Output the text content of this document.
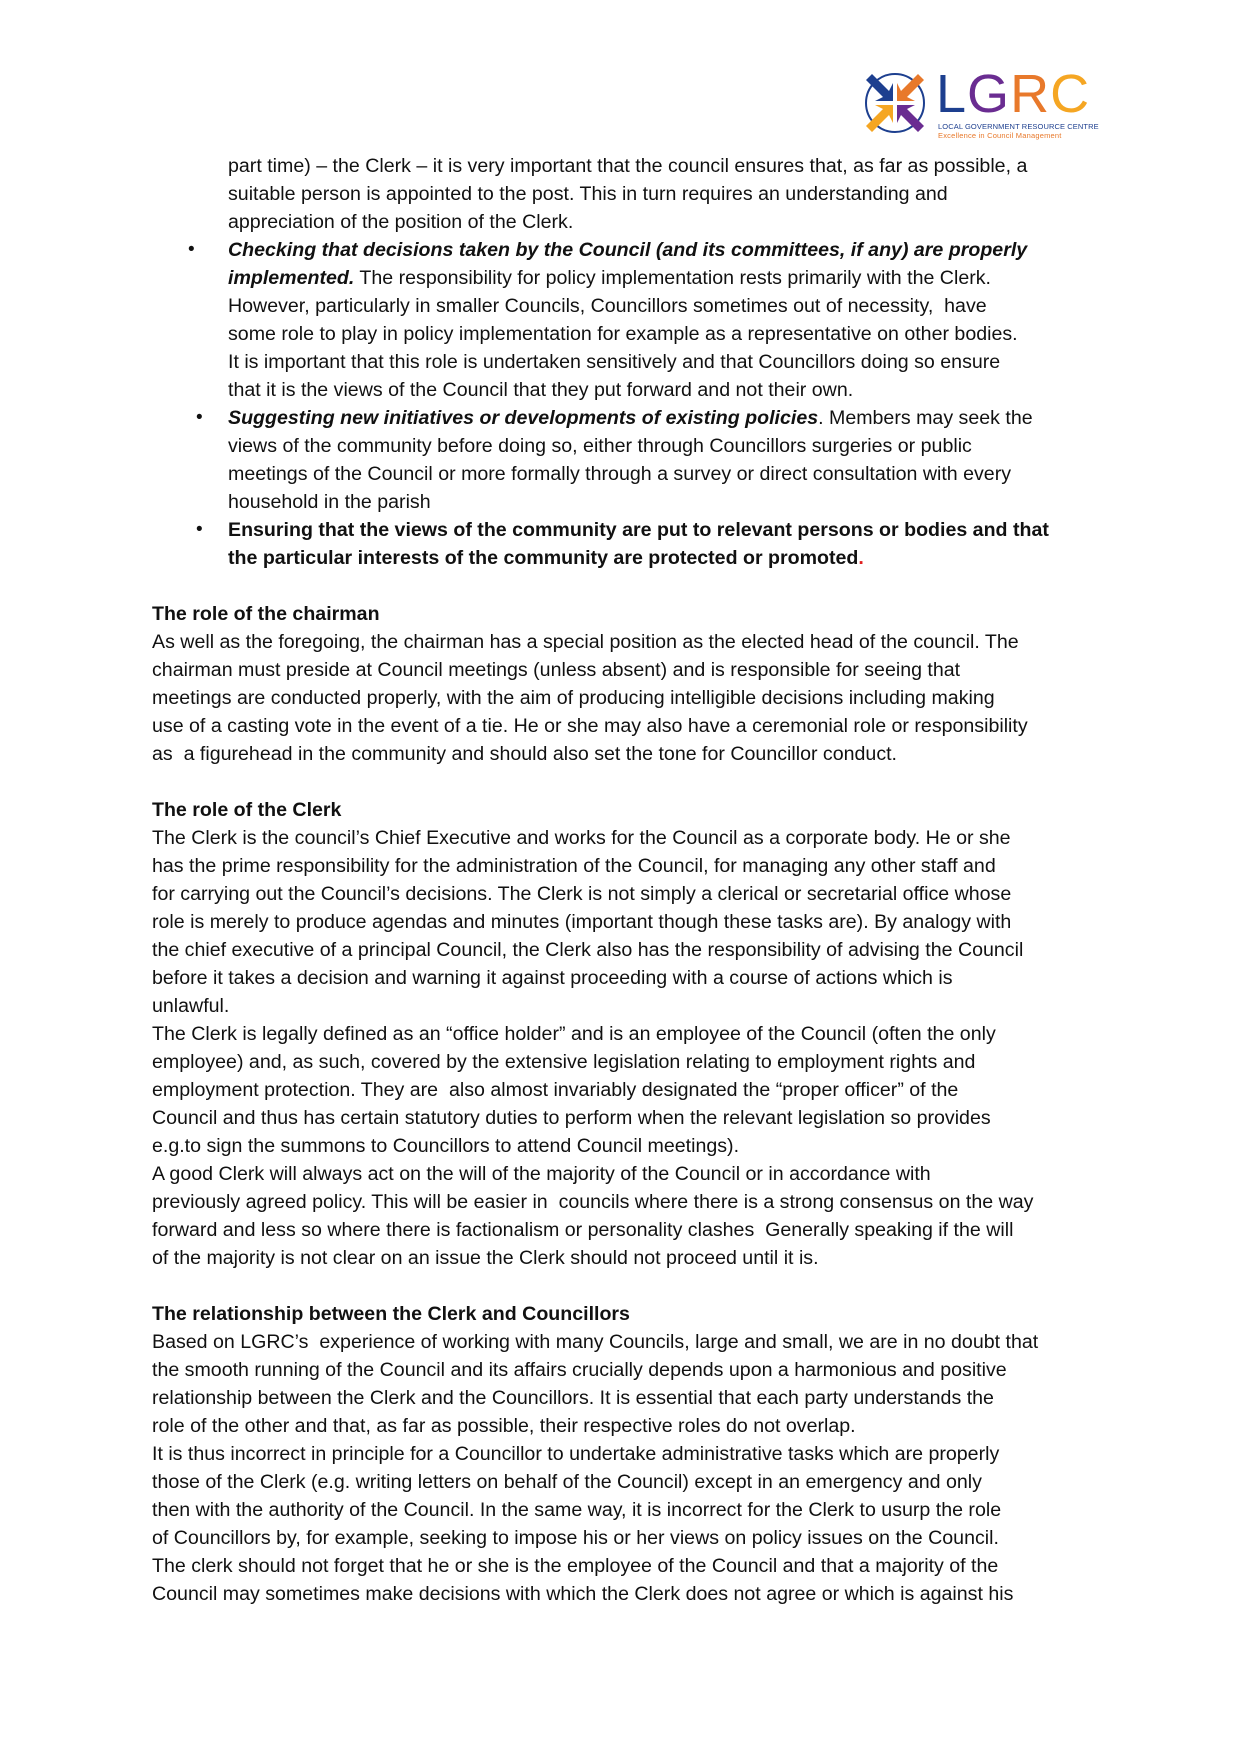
LGRC
LOCAL GOVERNMENT RESOURCE CENTRE
Excellence in Council Management
part time) – the Clerk – it is very important that the council ensures that, as far as possible, a
suitable person is appointed to the post. This in turn requires an understanding and
appreciation of the position of the Clerk.
• Checking that decisions taken by the Council (and its committees, if any) are properly
implemented. The responsibility for policy implementation rests primarily with the Clerk.
However, particularly in smaller Councils, Councillors sometimes out of necessity,  have
some role to play in policy implementation for example as a representative on other bodies.
It is important that this role is undertaken sensitively and that Councillors doing so ensure
that it is the views of the Council that they put forward and not their own.
• Suggesting new initiatives or developments of existing policies. Members may seek the
views of the community before doing so, either through Councillors surgeries or public
meetings of the Council or more formally through a survey or direct consultation with every
household in the parish
• Ensuring that the views of the community are put to relevant persons or bodies and that
the particular interests of the community are protected or promoted.
The role of the chairman
As well as the foregoing, the chairman has a special position as the elected head of the council. The
chairman must preside at Council meetings (unless absent) and is responsible for seeing that
meetings are conducted properly, with the aim of producing intelligible decisions including making
use of a casting vote in the event of a tie. He or she may also have a ceremonial role or responsibility
as  a figurehead in the community and should also set the tone for Councillor conduct.
The role of the Clerk
The Clerk is the council’s Chief Executive and works for the Council as a corporate body. He or she
has the prime responsibility for the administration of the Council, for managing any other staff and
for carrying out the Council’s decisions. The Clerk is not simply a clerical or secretarial office whose
role is merely to produce agendas and minutes (important though these tasks are). By analogy with
the chief executive of a principal Council, the Clerk also has the responsibility of advising the Council
before it takes a decision and warning it against proceeding with a course of actions which is
unlawful.
The Clerk is legally defined as an “office holder” and is an employee of the Council (often the only
employee) and, as such, covered by the extensive legislation relating to employment rights and
employment protection. They are  also almost invariably designated the “proper officer” of the
Council and thus has certain statutory duties to perform when the relevant legislation so provides
e.g.to sign the summons to Councillors to attend Council meetings).
A good Clerk will always act on the will of the majority of the Council or in accordance with
previously agreed policy. This will be easier in  councils where there is a strong consensus on the way
forward and less so where there is factionalism or personality clashes  Generally speaking if the will
of the majority is not clear on an issue the Clerk should not proceed until it is.
The relationship between the Clerk and Councillors
Based on LGRC’s  experience of working with many Councils, large and small, we are in no doubt that
the smooth running of the Council and its affairs crucially depends upon a harmonious and positive
relationship between the Clerk and the Councillors. It is essential that each party understands the
role of the other and that, as far as possible, their respective roles do not overlap.
It is thus incorrect in principle for a Councillor to undertake administrative tasks which are properly
those of the Clerk (e.g. writing letters on behalf of the Council) except in an emergency and only
then with the authority of the Council. In the same way, it is incorrect for the Clerk to usurp the role
of Councillors by, for example, seeking to impose his or her views on policy issues on the Council.
The clerk should not forget that he or she is the employee of the Council and that a majority of the
Council may sometimes make decisions with which the Clerk does not agree or which is against his
